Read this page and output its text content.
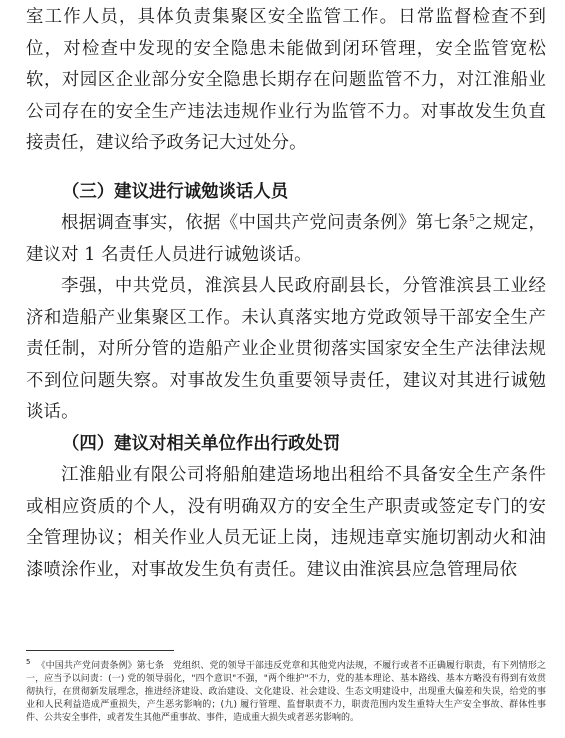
室工作人员，具体负责集聚区安全监管工作。日常监督检查不到位，对检查中发现的安全隐患未能做到闭环管理，安全监管宽松软，对园区企业部分安全隐患长期存在问题监管不力，对江淮船业公司存在的安全生产违法违规作业行为监管不力。对事故发生负直接责任，建议给予政务记大过处分。

（三）建议进行诚勉谈话人员

根据调查事实，依据《中国共产党问责条例》第七条$^5$之规定，建议对 1 名责任人员进行诚勉谈话。

李强，中共党员，淮滨县人民政府副县长，分管淮滨县工业经济和造船产业集聚区工作。未认真落实地方党政领导干部安全生产责任制，对所分管的造船产业企业贯彻落实国家安全生产法律法规不到位问题失察。对事故发生负重要领导责任，建议对其进行诚勉谈话。

（四）建议对相关单位作出行政处罚

江淮船业有限公司将船舶建造场地出租给不具备安全生产条件或相应资质的个人，没有明确双方的安全生产职责或签定专门的安全管理协议；相关作业人员无证上岗，违规违章实施切割动火和油漆喷涂作业，对事故发生负有责任。建议由淮滨县应急管理局依

$^5$ 《中国共产党问责条例》第七条　党组织、党的领导干部违反党章和其他党内法规，不履行或者不正确履行职责，有下列情形之一，应当予以问责：(一) 党的领导弱化，"四个意识"不强，"两个维护"不力，党的基本理论、基本路线、基本方略没有得到有效贯彻执行，在贯彻新发展理念，推进经济建设、政治建设、文化建设、社会建设、生态文明建设中，出现重大偏差和失误，给党的事业和人民利益造成严重损失，产生恶劣影响的；(九) 履行管理、监督职责不力，职责范围内发生重特大生产安全事故、群体性事件、公共安全事件，或者发生其他严重事故、事件，造成重大损失或者恶劣影响的。
